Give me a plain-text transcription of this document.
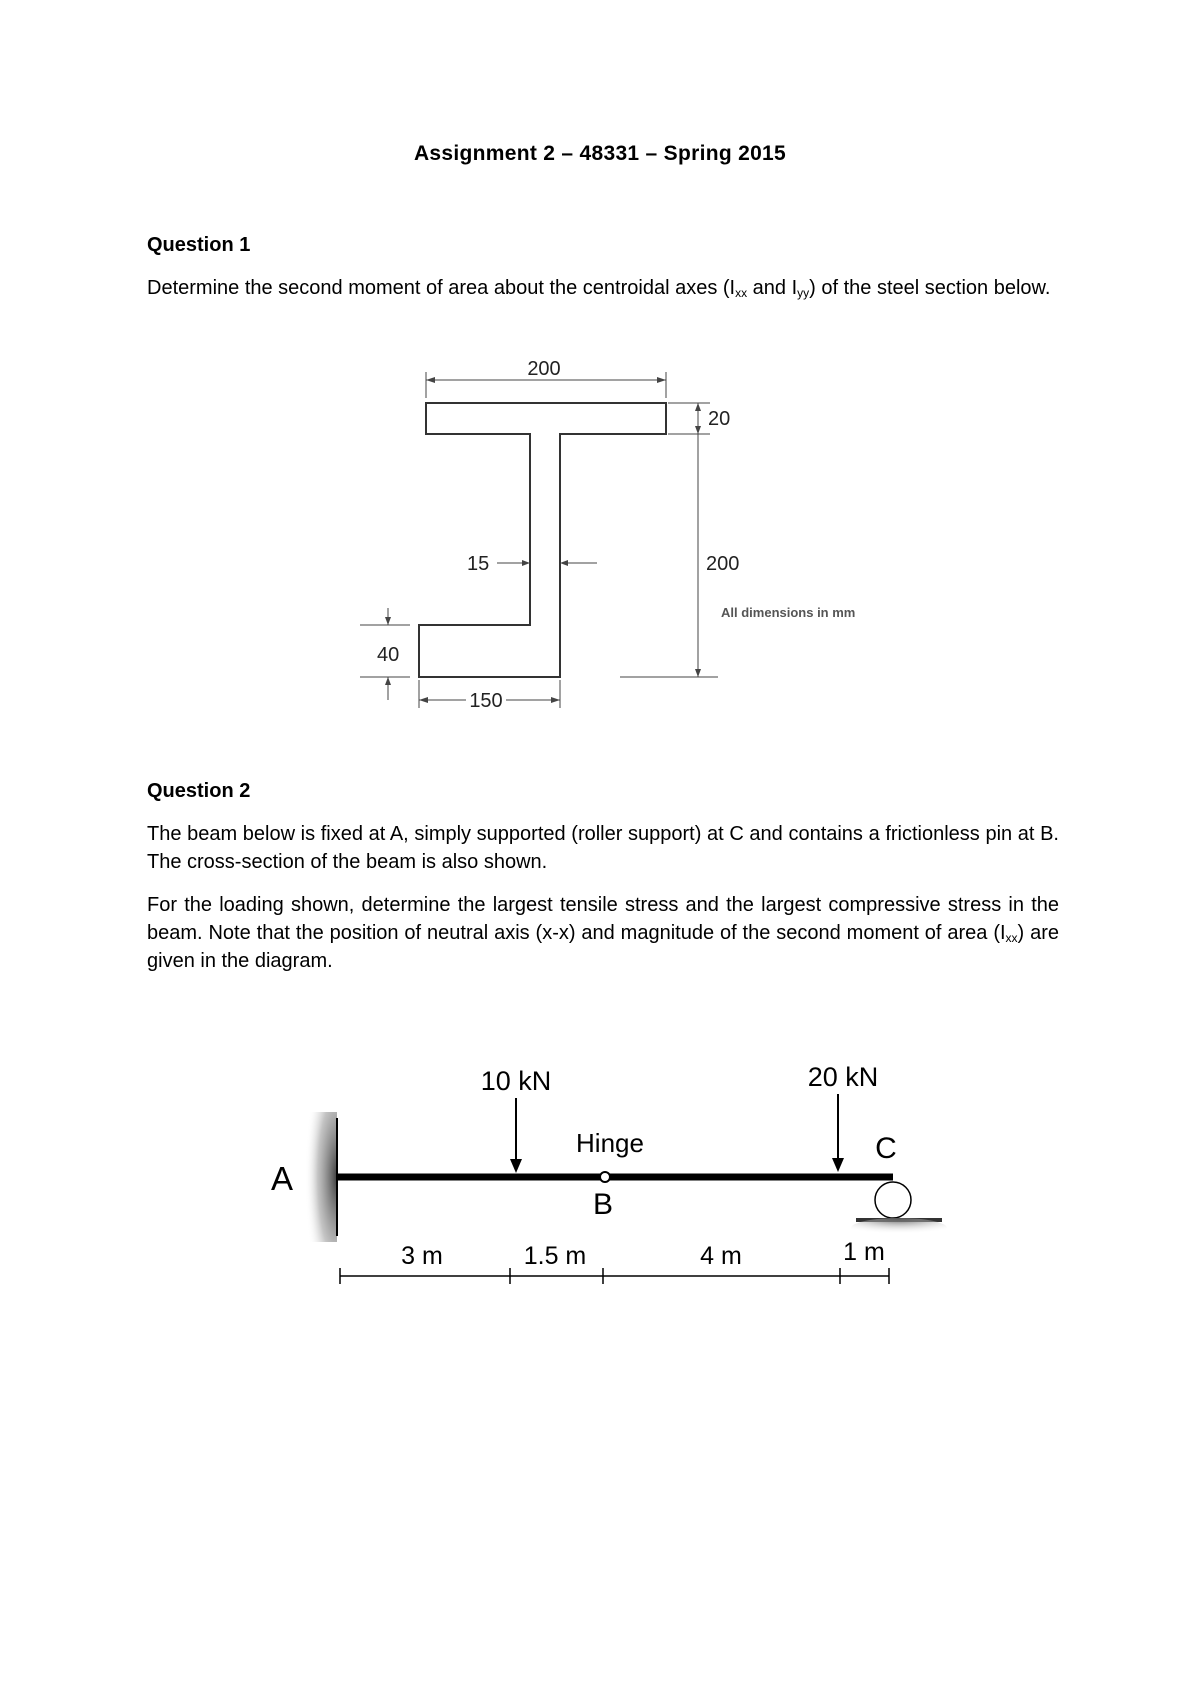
Assignment 2 – 48331 – Spring 2015
Question 1
Determine the second moment of area about the centroidal axes ($I_{xx}$ and $I_{yy}$) of the steel section below.
200
20
200
All dimensions in mm
15
40
150
Question 2
The beam below is fixed at A, simply supported (roller support) at C and contains a frictionless pin at B. The cross-section of the beam is also shown.
For the loading shown, determine the largest tensile stress and the largest compressive stress in the beam. Note that the position of neutral axis (x-x) and magnitude of the second moment of area $(I_{xx})$ are given in the diagram.
A
Hinge
B
C
10 kN	20 kN
3 m	1.5 m	4 m	1 m
